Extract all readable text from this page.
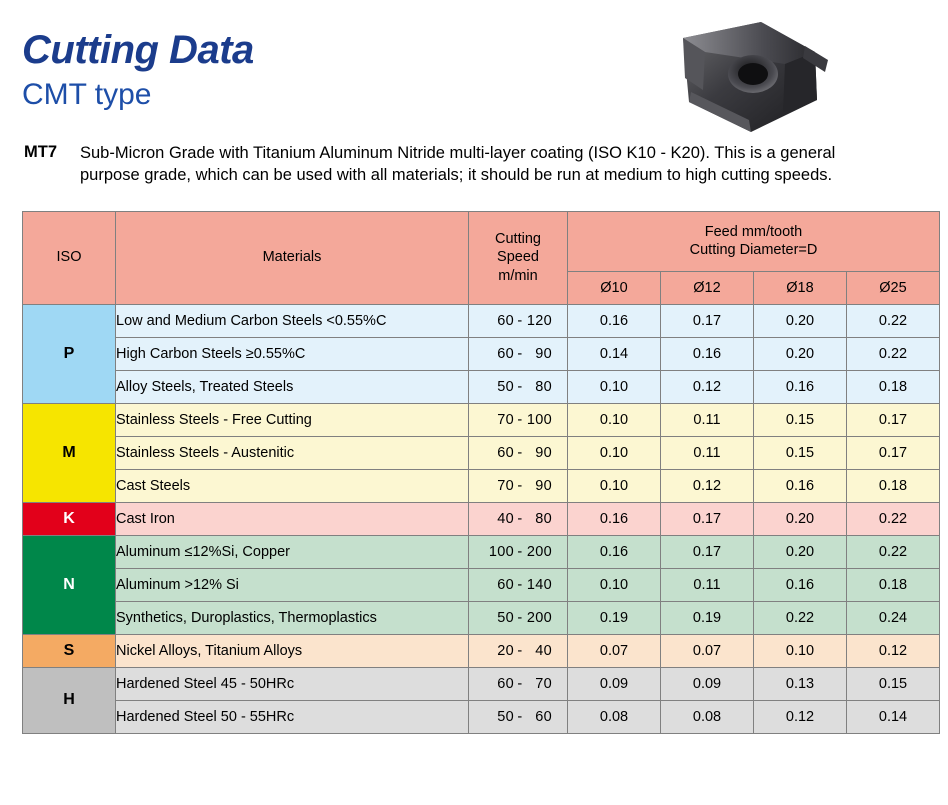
Cutting Data
CMT type
MT7	Sub-Micron Grade with Titanium Aluminum Nitride multi-layer coating (ISO K10 - K20). This is a general purpose grade, which can be used with all materials; it should be run at medium to high cutting speeds.
ISO	Materials	
Cutting
Speed
m/min

Feed mm/tooth
Cutting Diameter=D

			Ø10	Ø12	Ø18	Ø25
P	Low and Medium Carbon Steels <0.55%C	60 - 120	0.16	0.17	0.20	0.22
	High Carbon Steels ≥0.55%C	60 - 90	0.14	0.16	0.20	0.22
	Alloy Steels, Treated Steels	50 - 80	0.10	0.12	0.16	0.18
M	Stainless Steels - Free Cutting	70 - 100	0.10	0.11	0.15	0.17
	Stainless Steels - Austenitic	60 - 90	0.10	0.11	0.15	0.17
	Cast Steels	70 - 90	0.10	0.12	0.16	0.18
K	Cast Iron	40 - 80	0.16	0.17	0.20	0.22
N	Aluminum ≤12%Si, Copper	100 - 200	0.16	0.17	0.20	0.22
	Aluminum >12% Si	60 - 140	0.10	0.11	0.16	0.18
	Synthetics, Duroplastics, Thermoplastics	50 - 200	0.19	0.19	0.22	0.24
S	Nickel Alloys, Titanium Alloys	20 - 40	0.07	0.07	0.10	0.12
H	Hardened Steel 45 - 50HRc	60 - 70	0.09	0.09	0.13	0.15
	Hardened Steel 50 - 55HRc	50 - 60	0.08	0.08	0.12	0.14
